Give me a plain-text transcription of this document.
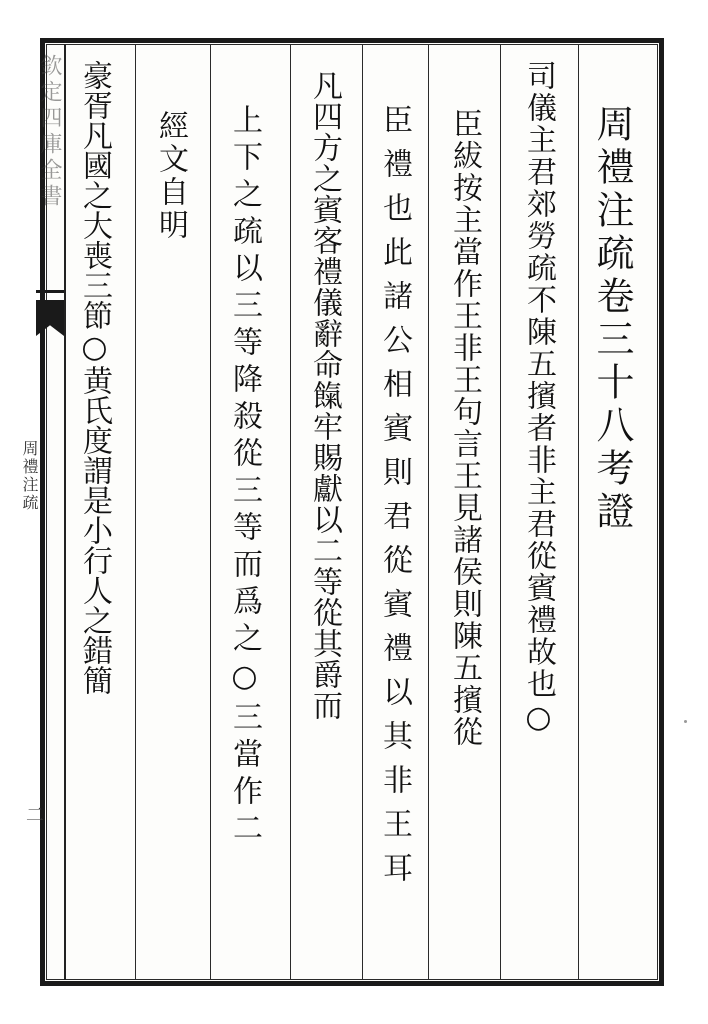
欽定四庫全書
周禮注疏
二
周禮注疏卷三十八考證
司儀主君郊勞疏不陳五擯者非主君從賓禮故也○
臣紱按主當作王非王句言王見諸侯則陳五擯從
臣禮也此諸公相賓則君從賓禮以其非王耳
凡四方之賓客禮儀辭命餼牢賜獻以二等從其爵而
上下之疏以三等降殺從三等而爲之○三當作二
經文自明
豪胥凡國之大喪三節○黄氏度謂是小行人之錯簡
